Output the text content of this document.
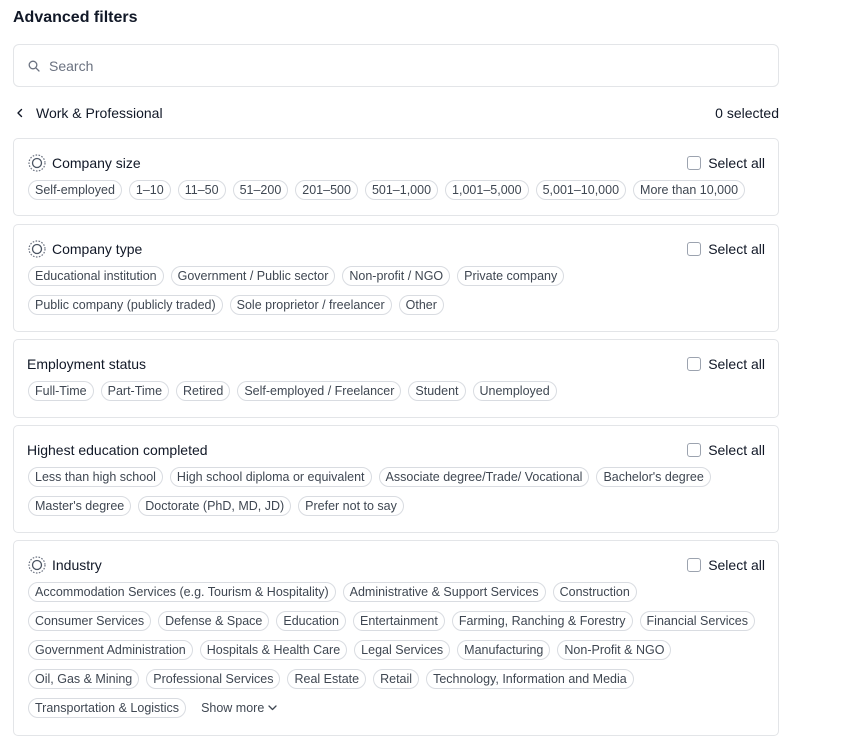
Advanced filters
Search
Work & Professional	0 selected
Company size	Select all
Self-employed	1–10	11–50	51–200	201–500	501–1,000	1,001–5,000	5,001–10,000	More than 10,000
Company type	Select all
Educational institution	Government / Public sector	Non-profit / NGO	Private company
Public company (publicly traded)	Sole proprietor / freelancer	Other
Employment status	Select all
Full-Time	Part-Time	Retired	Self-employed / Freelancer	Student	Unemployed
Highest education completed	Select all
Less than high school	High school diploma or equivalent	Associate degree/Trade/ Vocational	Bachelor's degree
Master's degree	Doctorate (PhD, MD, JD)	Prefer not to say
Industry	Select all
Accommodation Services (e.g. Tourism & Hospitality)	Administrative & Support Services	Construction
Consumer Services	Defense & Space	Education	Entertainment	Farming, Ranching & Forestry	Financial Services
Government Administration	Hospitals & Health Care	Legal Services	Manufacturing	Non-Profit & NGO
Oil, Gas & Mining	Professional Services	Real Estate	Retail	Technology, Information and Media
Transportation & Logistics	Show more
